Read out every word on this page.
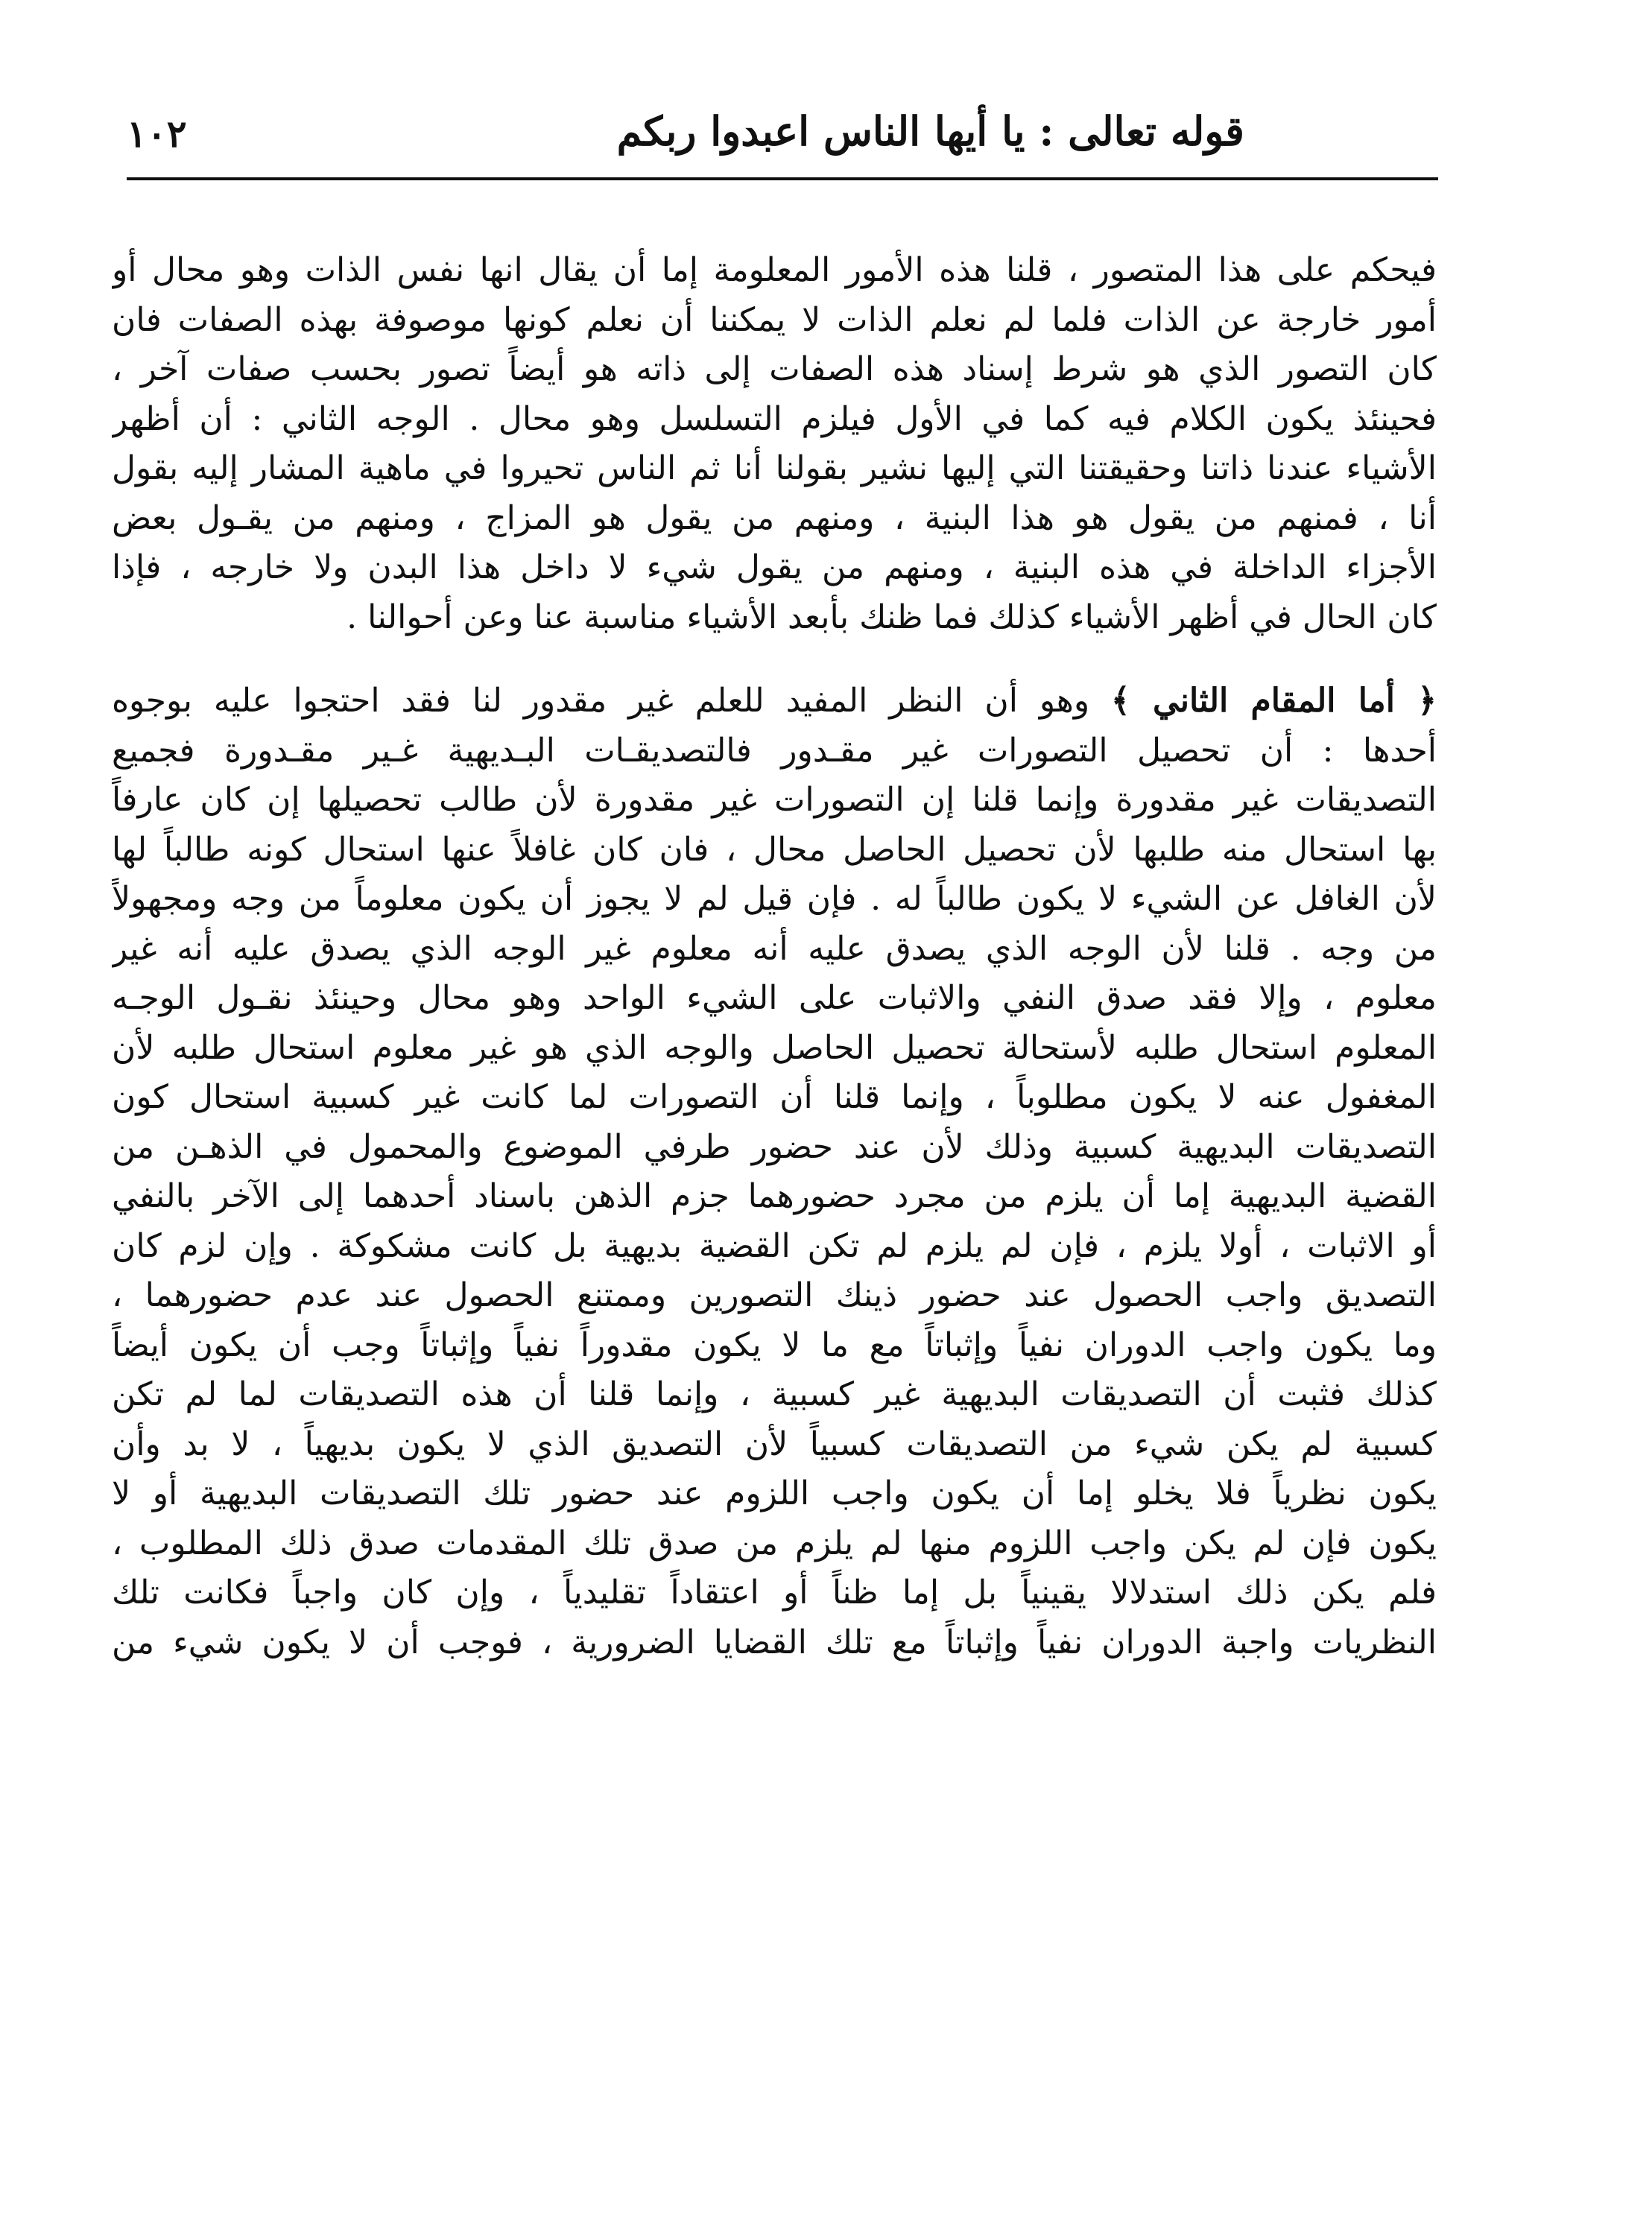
١٠٢	قوله تعالى : يا أيها الناس اعبدوا ربكم
فيحكم على هذا المتصور ، قلنا هذه الأمور المعلومة إما أن يقال انها نفس الذات وهو محال أو
أمور خارجة عن الذات فلما لم نعلم الذات لا يمكننا أن نعلم كونها موصوفة بهذه الصفات فان
كان التصور الذي هو شرط إسناد هذه الصفات إلى ذاته هو أيضاً تصور بحسب صفات آخر ،
فحينئذ يكون الكلام فيه كما في الأول فيلزم التسلسل وهو محال . الوجه الثاني : أن أظهر
الأشياء عندنا ذاتنا وحقيقتنا التي إليها نشير بقولنا أنا ثم الناس تحيروا في ماهية المشار إليه بقول
أنا ، فمنهم من يقول هو هذا البنية ، ومنهم من يقول هو المزاج ، ومنهم من يقـول بعض
الأجزاء الداخلة في هذه البنية ، ومنهم من يقول شيء لا داخل هذا البدن ولا خارجه ، فإذا
كان الحال في أظهر الأشياء كذلك فما ظنك بأبعد الأشياء مناسبة عنا وعن أحوالنا .
﴿ أما المقام الثاني ﴾ وهو أن النظر المفيد للعلم غير مقدور لنا فقد احتجوا عليه بوجوه
أحدها : أن تحصيل التصورات غير مقـدور فالتصديقـات البـديهية غـير مقـدورة فجميع
التصديقات غير مقدورة وإنما قلنا إن التصورات غير مقدورة لأن طالب تحصيلها إن كان عارفاً
بها استحال منه طلبها لأن تحصيل الحاصل محال ، فان كان غافلاً عنها استحال كونه طالباً لها
لأن الغافل عن الشيء لا يكون طالباً له . فإن قيل لم لا يجوز أن يكون معلوماً من وجه ومجهولاً
من وجه . قلنا لأن الوجه الذي يصدق عليه أنه معلوم غير الوجه الذي يصدق عليه أنه غير
معلوم ، وإلا فقد صدق النفي والاثبات على الشيء الواحد وهو محال وحينئذ نقـول الوجـه
المعلوم استحال طلبه لأستحالة تحصيل الحاصل والوجه الذي هو غير معلوم استحال طلبه لأن
المغفول عنه لا يكون مطلوباً ، وإنما قلنا أن التصورات لما كانت غير كسبية استحال كون
التصديقات البديهية كسبية وذلك لأن عند حضور طرفي الموضوع والمحمول في الذهـن من
القضية البديهية إما أن يلزم من مجرد حضورهما جزم الذهن باسناد أحدهما إلى الآخر بالنفي
أو الاثبات ، أولا يلزم ، فإن لم يلزم لم تكن القضية بديهية بل كانت مشكوكة . وإن لزم كان
التصديق واجب الحصول عند حضور ذينك التصورين وممتنع الحصول عند عدم حضورهما ،
وما يكون واجب الدوران نفياً وإثباتاً مع ما لا يكون مقدوراً نفياً وإثباتاً وجب أن يكون أيضاً
كذلك فثبت أن التصديقات البديهية غير كسبية ، وإنما قلنا أن هذه التصديقات لما لم تكن
كسبية لم يكن شيء من التصديقات كسبياً لأن التصديق الذي لا يكون بديهياً ، لا بد وأن
يكون نظرياً فلا يخلو إما أن يكون واجب اللزوم عند حضور تلك التصديقات البديهية أو لا
يكون فإن لم يكن واجب اللزوم منها لم يلزم من صدق تلك المقدمات صدق ذلك المطلوب ،
فلم يكن ذلك استدلالا يقينياً بل إما ظناً أو اعتقاداً تقليدياً ، وإن كان واجباً فكانت تلك
النظريات واجبة الدوران نفياً وإثباتاً مع تلك القضايا الضرورية ، فوجب أن لا يكون شيء من
